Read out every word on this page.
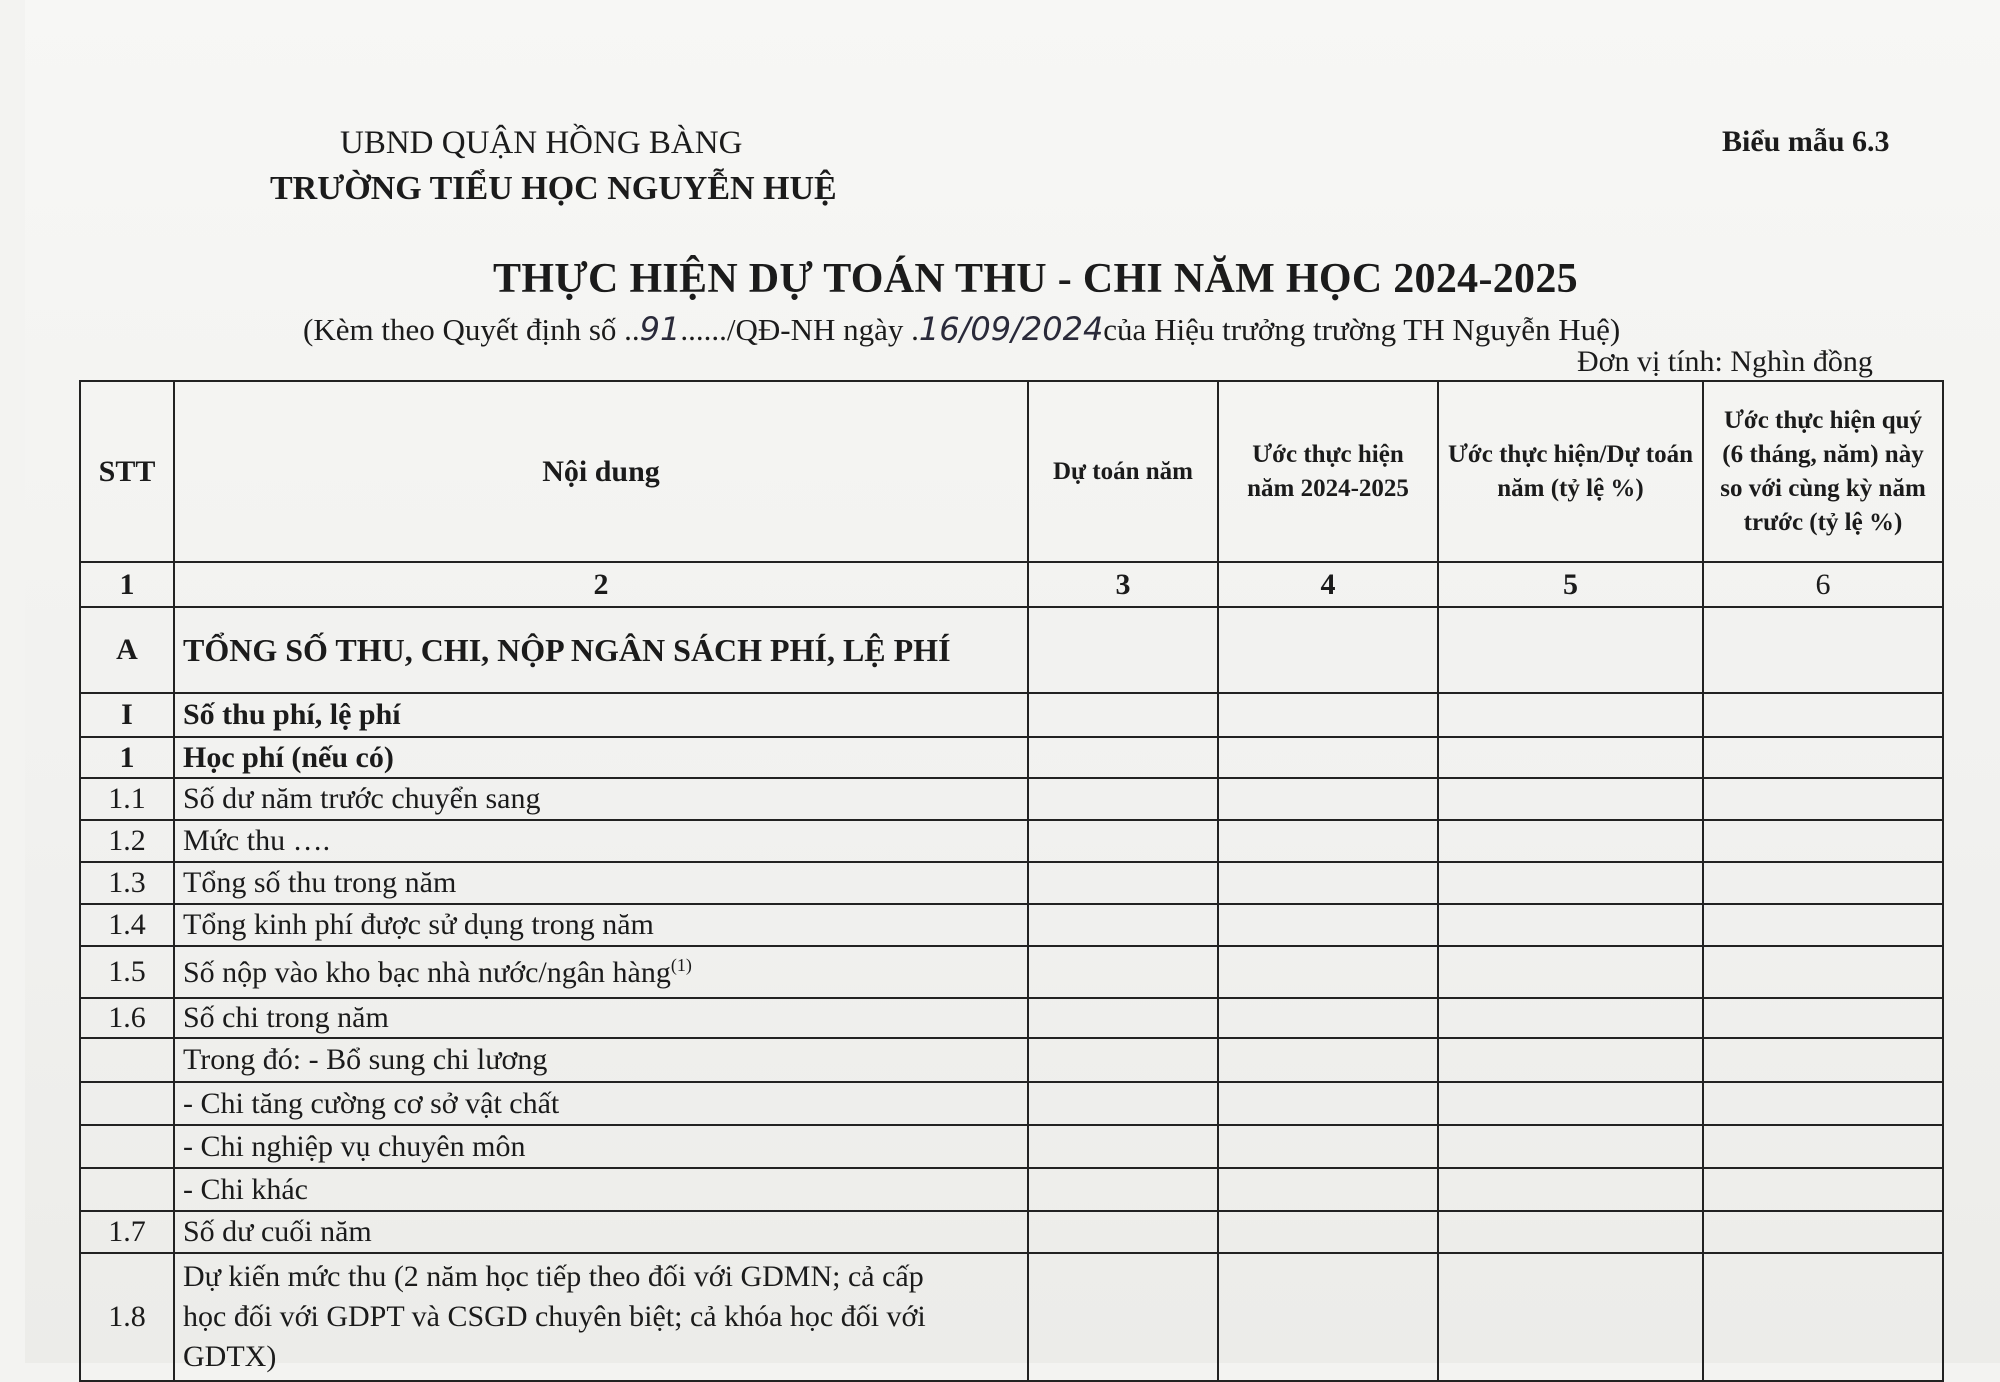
UBND QUẬN HỒNG BÀNG
TRƯỜNG TIỂU HỌC NGUYỄN HUỆ
Biểu mẫu 6.3
THỰC HIỆN DỰ TOÁN THU - CHI NĂM HỌC 2024-2025
(Kèm theo Quyết định số ..91....../QĐ-NH ngày .16/09/2024của Hiệu trưởng trường TH Nguyễn Huệ)
Đơn vị tính: Nghìn đồng
STT	Nội dung	Dự toán năm	Ước thực hiện năm 2024-2025	Ước thực hiện/Dự toán năm (tỷ lệ %)	Ước thực hiện quý (6 tháng, năm) này so với cùng kỳ năm trước (tỷ lệ %)
1	2	3	4	5	6
A	TỔNG SỐ THU, CHI, NỘP NGÂN SÁCH PHÍ, LỆ PHÍ				
I	Số thu phí, lệ phí				
1	Học phí (nếu có)				
1.1	Số dư năm trước chuyển sang				
1.2	Mức thu ….				
1.3	Tổng số thu trong năm				
1.4	Tổng kinh phí được sử dụng trong năm				
1.5	Số nộp vào kho bạc nhà nước/ngân hàng$^{(1)}$				
1.6	Số chi trong năm				
	Trong đó: - Bổ sung chi lương				
	- Chi tăng cường cơ sở vật chất				
	- Chi nghiệp vụ chuyên môn				
	- Chi khác				
1.7	Số dư cuối năm				
1.8	Dự kiến mức thu (2 năm học tiếp theo đối với GDMN; cả cấp
học đối với GDPT và CSGD chuyên biệt; cả khóa học đối với
GDTX)				
